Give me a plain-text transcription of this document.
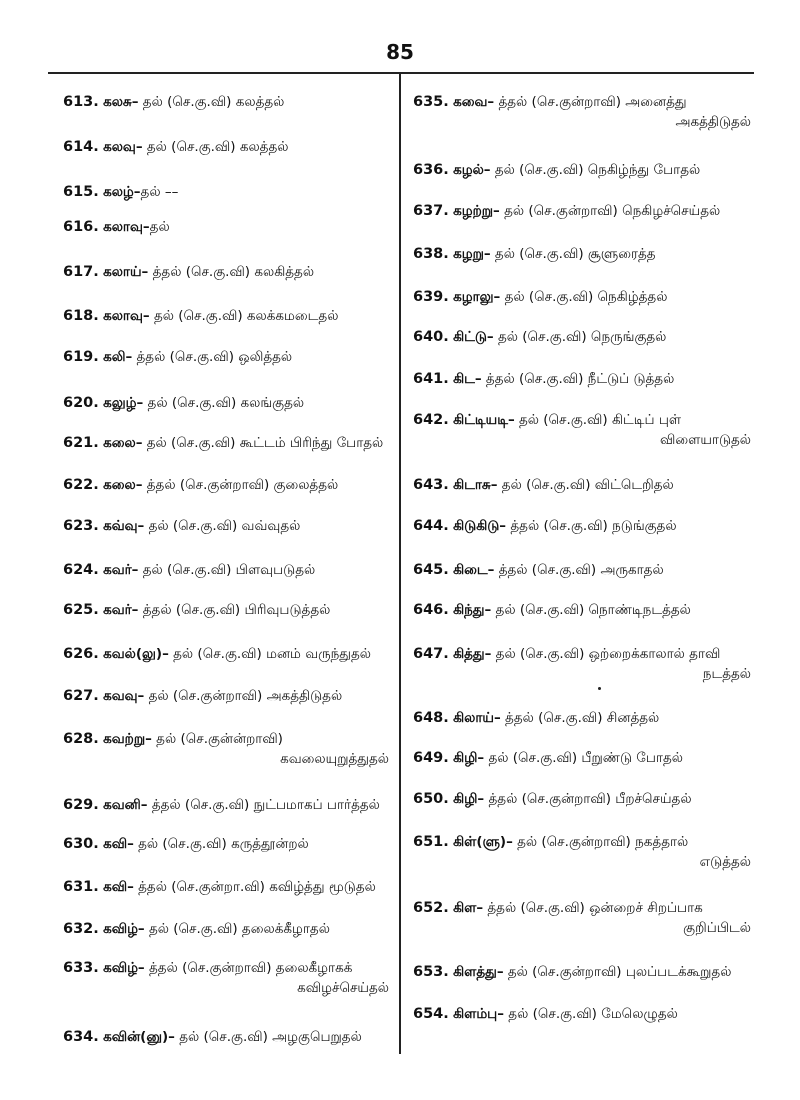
85
613. கலசு– தல் (செ.கு.வி) கலத்தல்
614. கலவு– தல் (செ.கு.வி) கலத்தல்
615. கலழ்–தல் ––
616. கலாவு–தல்
617. கலாய்– த்தல் (செ.கு.வி) கலகித்தல்
618. கலாவு– தல் (செ.கு.வி) கலக்கமடைதல்
619. கலி– த்தல் (செ.கு.வி) ஒலித்தல்
620. கலுழ்– தல் (செ.கு.வி) கலங்குதல்
621. கலை– தல் (செ.கு.வி) கூட்டம் பிரிந்து போதல்
622. கலை– த்தல் (செ.குன்றாவி) குலைத்தல்
623. கவ்வு– தல் (செ.கு.வி) வவ்வுதல்
624. கவர்– தல் (செ.கு.வி) பிளவுபடுதல்
625. கவர்– த்தல் (செ.கு.வி) பிரிவுபடுத்தல்
626. கவல்(லு)– தல் (செ.கு.வி) மனம் வருந்துதல்
627. கவவு– தல் (செ.குன்றாவி) அகத்திடுதல்
628. கவற்று– தல் (செ.குன்ன்றாவி)
கவலையுறுத்துதல்
629. கவனி– த்தல் (செ.கு.வி) நுட்பமாகப் பார்த்தல்
630. கவி– தல் (செ.கு.வி) கருத்தூன்றல்
631. கவி– த்தல் (செ.குன்றா.வி) கவிழ்த்து மூடுதல்
632. கவிழ்– தல் (செ.கு.வி) தலைக்கீழாதல்
633. கவிழ்– த்தல் (செ.குன்றாவி) தலைகீழாகக்
கவிழச்செய்தல்
634. கவின்(னு)– தல் (செ.கு.வி) அழகுபெறுதல்
635. கவை– த்தல் (செ.குன்றாவி) அனைத்து
அகத்திடுதல்
636. கழல்– தல் (செ.கு.வி) நெகிழ்ந்து போதல்
637. கழற்று– தல் (செ.குன்றாவி) நெகிழச்செய்தல்
638. கழறு– தல் (செ.கு.வி) சூளுரைத்த
639. கழாலு– தல் (செ.கு.வி) நெகிழ்த்தல்
640. கிட்டு– தல் (செ.கு.வி) நெருங்குதல்
641. கிட– த்தல் (செ.கு.வி) நீட்டுப் டுத்தல்
642. கிட்டியடி– தல் (செ.கு.வி) கிட்டிப் புள்
விளையாடுதல்
643. கிடாசு– தல் (செ.கு.வி) விட்டெறிதல்
644. கிடுகிடு– த்தல் (செ.கு.வி) நடுங்குதல்
645. கிடை– த்தல் (செ.கு.வி) அருகாதல்
646. கிந்து– தல் (செ.கு.வி) நொண்டிநடத்தல்
647. கித்து– தல் (செ.கு.வி) ஒற்றைக்காலால் தாவி
நடத்தல்
648. கிலாய்– த்தல் (செ.கு.வி) சினத்தல்
649. கிழி– தல் (செ.கு.வி) பீறுண்டு போதல்
650. கிழி– த்தல் (செ.குன்றாவி) பீறச்செய்தல்
651. கிள்(ளு)– தல் (செ.குன்றாவி) நகத்தால்
எடுத்தல்
652. கிள– த்தல் (செ.கு.வி) ஒன்றைச் சிறப்பாக
குறிப்பிடல்
653. கிளத்து– தல் (செ.குன்றாவி) புலப்படக்கூறுதல்
654. கிளம்பு– தல் (செ.கு.வி) மேலெழுதல்
